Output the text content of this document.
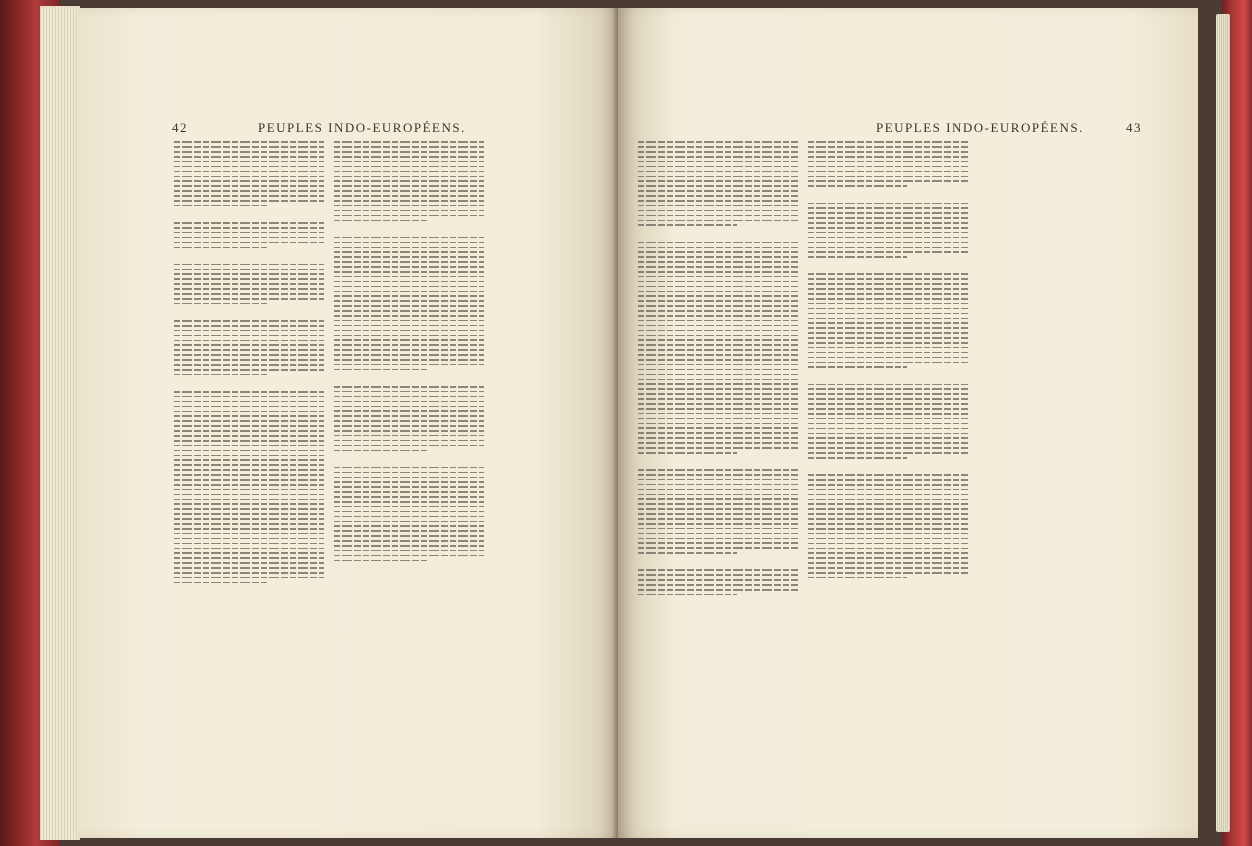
42	PEUPLES INDO-EUROPÉENS.	PEUPLES INDO-EUROPÉENS.	43
